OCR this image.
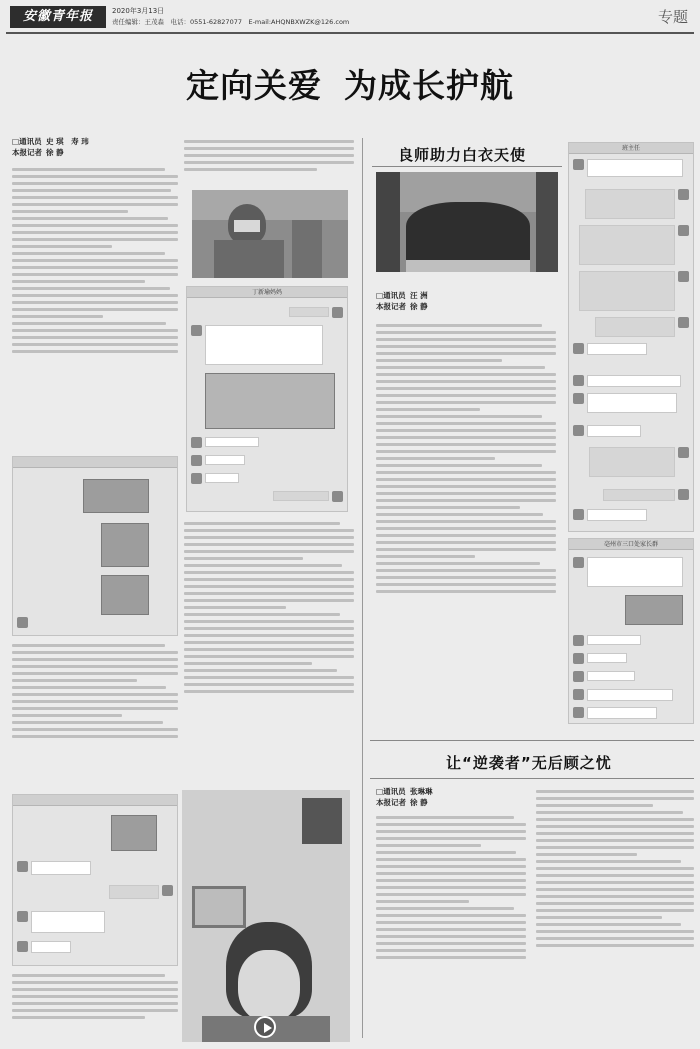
安徽青年报	2020年3月13日
责任编辑：王茂森　电话：0551-62827077　E-mail:AHQNBXWZK@126.com	专题
定向关爱 为成长护航
□通讯员 史 琪　寿 玮
本报记者 徐 静
丁新瑜妈妈
良师助力白衣天使
□通讯员 汪 洲
本报记者 徐 静
班主任
亳州市三口处家长群
让“逆袭者”无后顾之忧
□通讯员 张琳琳
本报记者 徐 静
